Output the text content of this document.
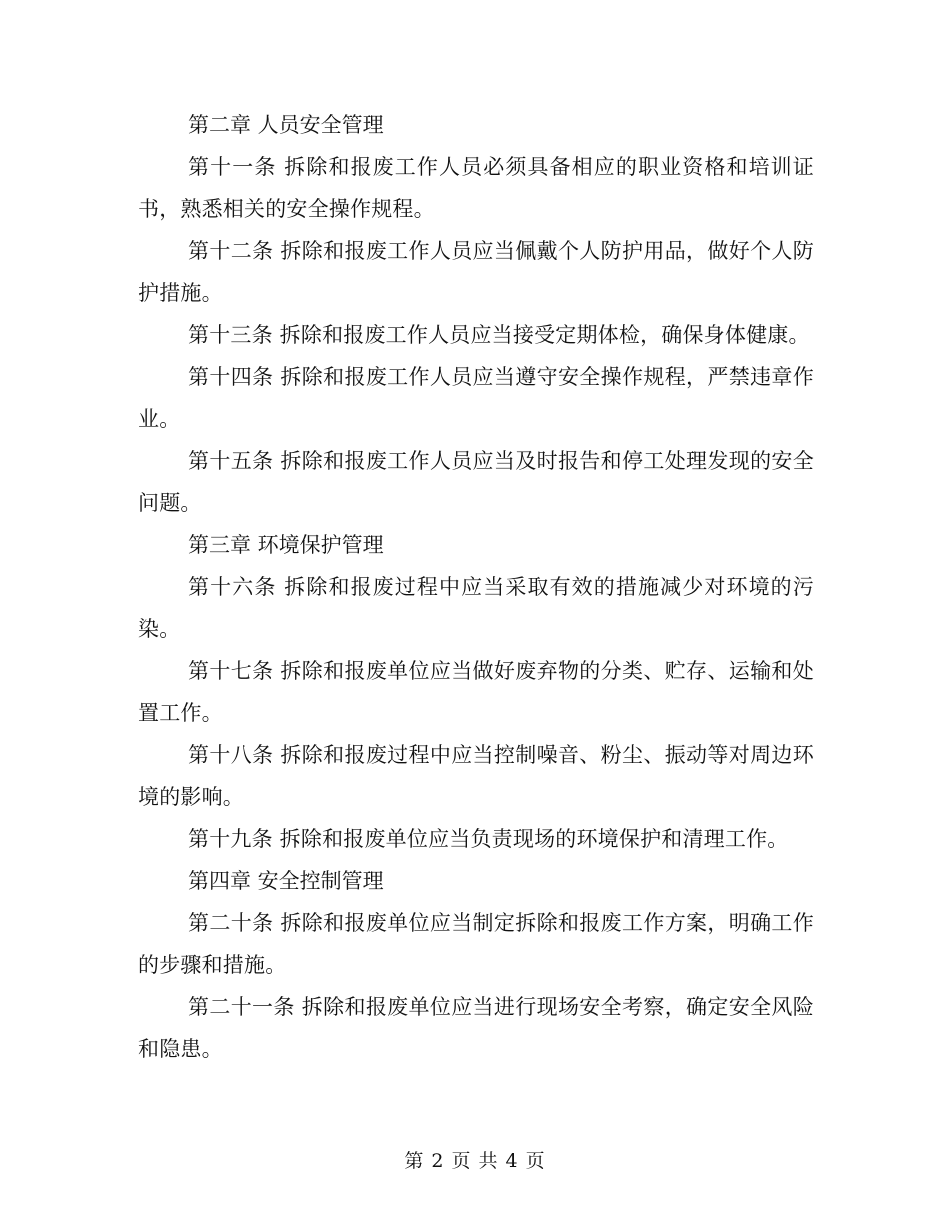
第二章 人员安全管理

第十一条 拆除和报废工作人员必须具备相应的职业资格和培训证书，熟悉相关的安全操作规程。

第十二条 拆除和报废工作人员应当佩戴个人防护用品，做好个人防护措施。

第十三条 拆除和报废工作人员应当接受定期体检，确保身体健康。

第十四条 拆除和报废工作人员应当遵守安全操作规程，严禁违章作业。

第十五条 拆除和报废工作人员应当及时报告和停工处理发现的安全问题。

第三章 环境保护管理

第十六条 拆除和报废过程中应当采取有效的措施减少对环境的污染。

第十七条 拆除和报废单位应当做好废弃物的分类、贮存、运输和处置工作。

第十八条 拆除和报废过程中应当控制噪音、粉尘、振动等对周边环境的影响。

第十九条 拆除和报废单位应当负责现场的环境保护和清理工作。

第四章 安全控制管理

第二十条 拆除和报废单位应当制定拆除和报废工作方案，明确工作的步骤和措施。

第二十一条 拆除和报废单位应当进行现场安全考察，确定安全风险和隐患。

第 2 页 共 4 页
